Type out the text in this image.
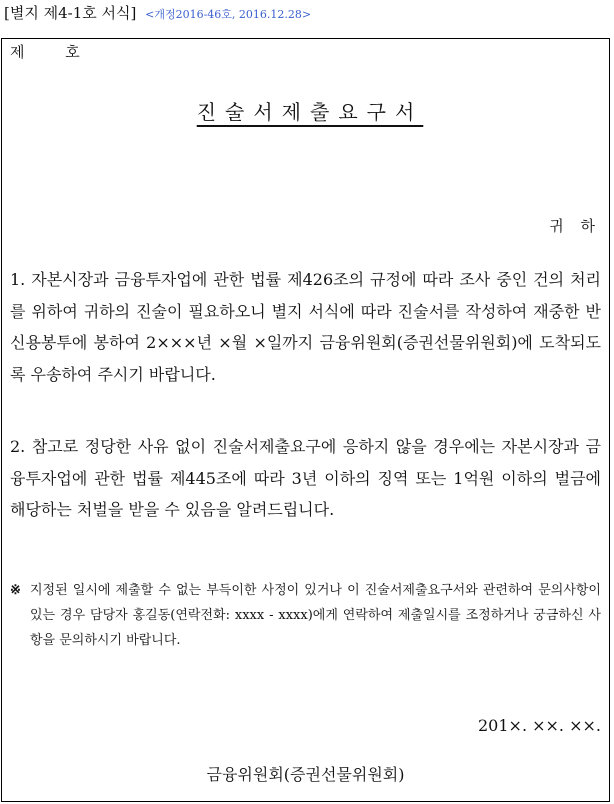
[별지 제4-1호 서식] <개정2016-46호, 2016.12.28>
제 호
진술서제출요구서
귀 하
1. 자본시장과 금융투자업에 관한 법률 제426조의 규정에 따라 조사 중인 건의 처리를 위하여 귀하의 진술이 필요하오니 별지 서식에 따라 진술서를 작성하여 재중한 반신용봉투에 봉하여 2×××년 ×월 ×일까지 금융위원회(증권선물위원회)에 도착되도록 우송하여 주시기 바랍니다.
2. 참고로 정당한 사유 없이 진술서제출요구에 응하지 않을 경우에는 자본시장과 금융투자업에 관한 법률 제445조에 따라 3년 이하의 징역 또는 1억원 이하의 벌금에 해당하는 처벌을 받을 수 있음을 알려드립니다.
※ 지정된 일시에 제출할 수 없는 부득이한 사정이 있거나 이 진술서제출요구서와 관련하여 문의사항이 있는 경우 담당자 홍길동(연락전화: xxxx - xxxx)에게 연락하여 제출일시를 조정하거나 궁금하신 사항을 문의하시기 바랍니다.
201×. ××. ××.
금융위원회(증권선물위원회)
